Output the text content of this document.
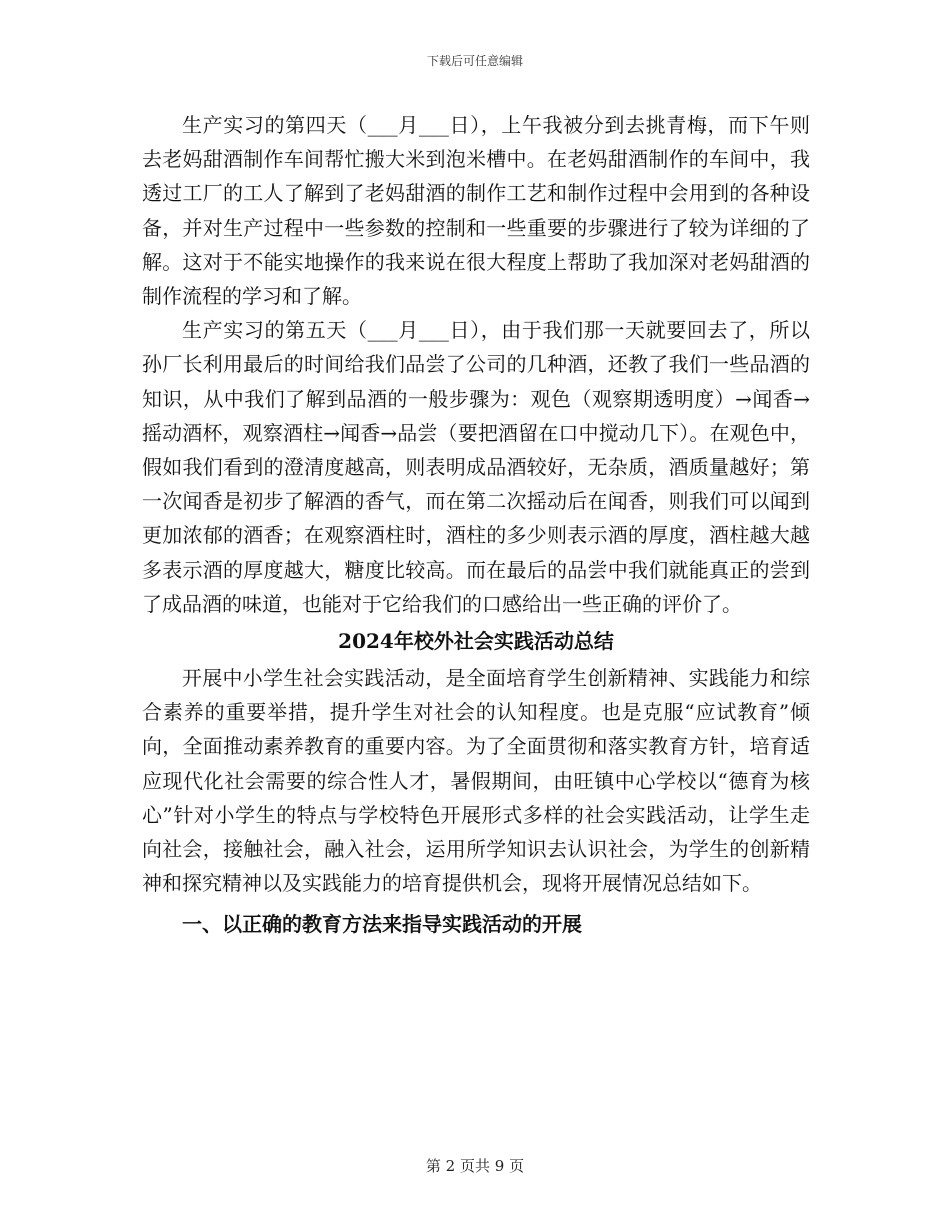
下载后可任意编辑

生产实习的第四天（___月___日），上午我被分到去挑青梅，而下午则去老妈甜酒制作车间帮忙搬大米到泡米槽中。在老妈甜酒制作的车间中，我透过工厂的工人了解到了老妈甜酒的制作工艺和制作过程中会用到的各种设备，并对生产过程中一些参数的控制和一些重要的步骤进行了较为详细的了解。这对于不能实地操作的我来说在很大程度上帮助了我加深对老妈甜酒的制作流程的学习和了解。

生产实习的第五天（___月___日），由于我们那一天就要回去了，所以孙厂长利用最后的时间给我们品尝了公司的几种酒，还教了我们一些品酒的知识，从中我们了解到品酒的一般步骤为：观色（观察期透明度）→闻香→摇动酒杯，观察酒柱→闻香→品尝（要把酒留在口中搅动几下）。在观色中，假如我们看到的澄清度越高，则表明成品酒较好，无杂质，酒质量越好；第一次闻香是初步了解酒的香气，而在第二次摇动后在闻香，则我们可以闻到更加浓郁的酒香；在观察酒柱时，酒柱的多少则表示酒的厚度，酒柱越大越多表示酒的厚度越大，糖度比较高。而在最后的品尝中我们就能真正的尝到了成品酒的味道，也能对于它给我们的口感给出一些正确的评价了。

2024年校外社会实践活动总结

开展中小学生社会实践活动，是全面培育学生创新精神、实践能力和综合素养的重要举措，提升学生对社会的认知程度。也是克服“应试教育”倾向，全面推动素养教育的重要内容。为了全面贯彻和落实教育方针，培育适应现代化社会需要的综合性人才，暑假期间，由旺镇中心学校以“德育为核心”针对小学生的特点与学校特色开展形式多样的社会实践活动，让学生走向社会，接触社会，融入社会，运用所学知识去认识社会，为学生的创新精神和探究精神以及实践能力的培育提供机会，现将开展情况总结如下。

一、以正确的教育方法来指导实践活动的开展

第 2 页共 9 页
